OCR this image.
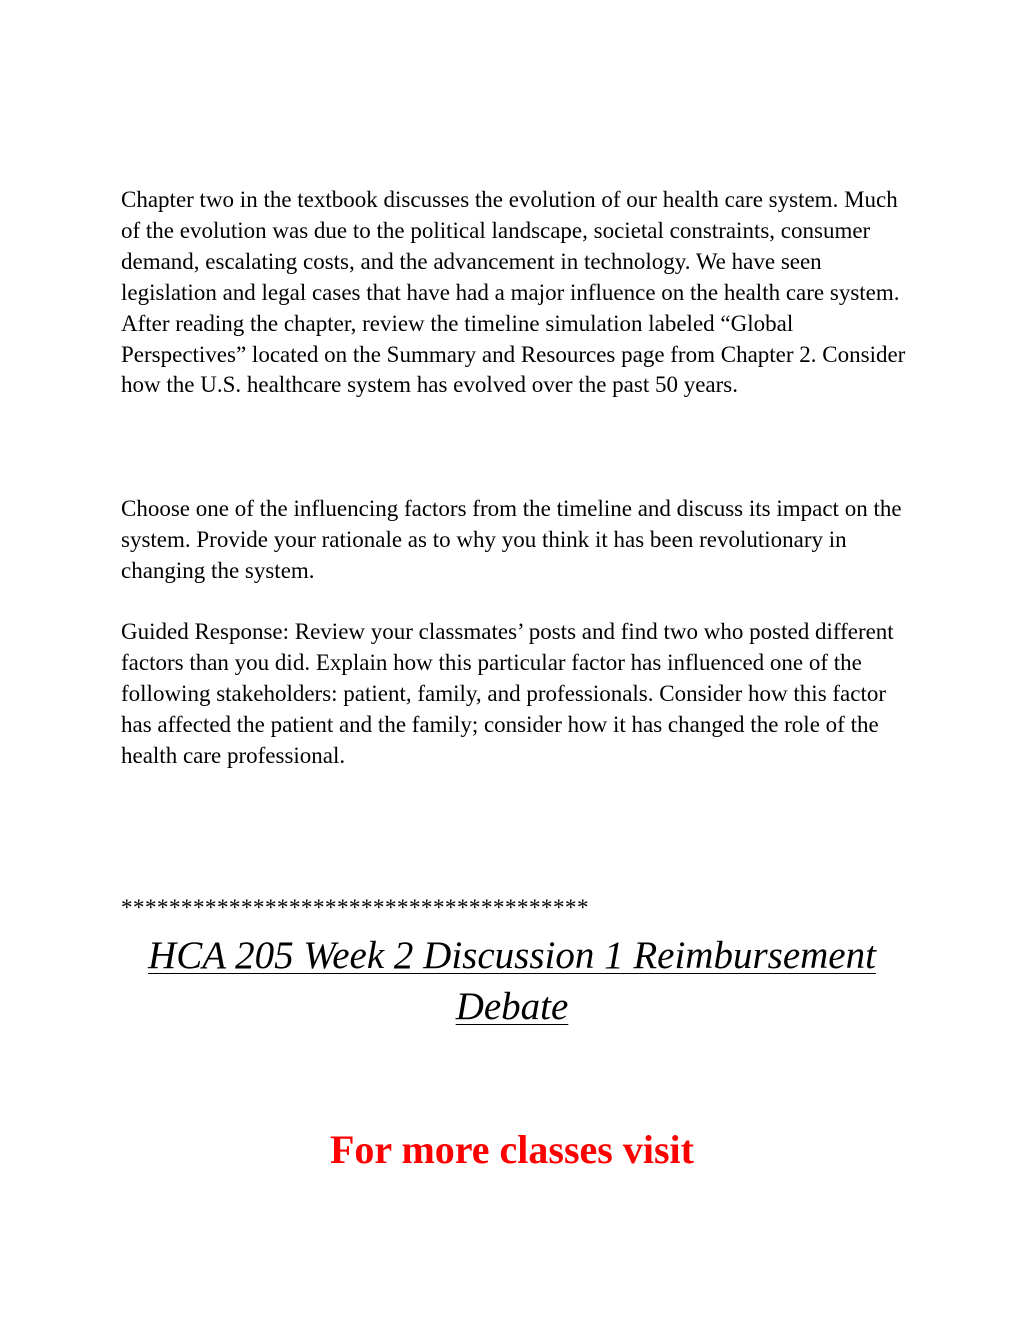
Chapter two in the textbook discusses the evolution of our health care system. Much of the evolution was due to the political landscape, societal constraints, consumer demand, escalating costs, and the advancement in technology. We have seen legislation and legal cases that have had a major influence on the health care system. After reading the chapter, review the timeline simulation labeled “Global Perspectives” located on the Summary and Resources page from Chapter 2. Consider how the U.S. healthcare system has evolved over the past 50 years.

Choose one of the influencing factors from the timeline and discuss its impact on the system. Provide your rationale as to why you think it has been revolutionary in changing the system.

Guided Response: Review your classmates’ posts and find two who posted different factors than you did. Explain how this particular factor has influenced one of the following stakeholders: patient, family, and professionals. Consider how this factor has affected the patient and the family; consider how it has changed the role of the health care professional.

***************************************

HCA 205 Week 2 Discussion 1 Reimbursement Debate

For more classes visit
